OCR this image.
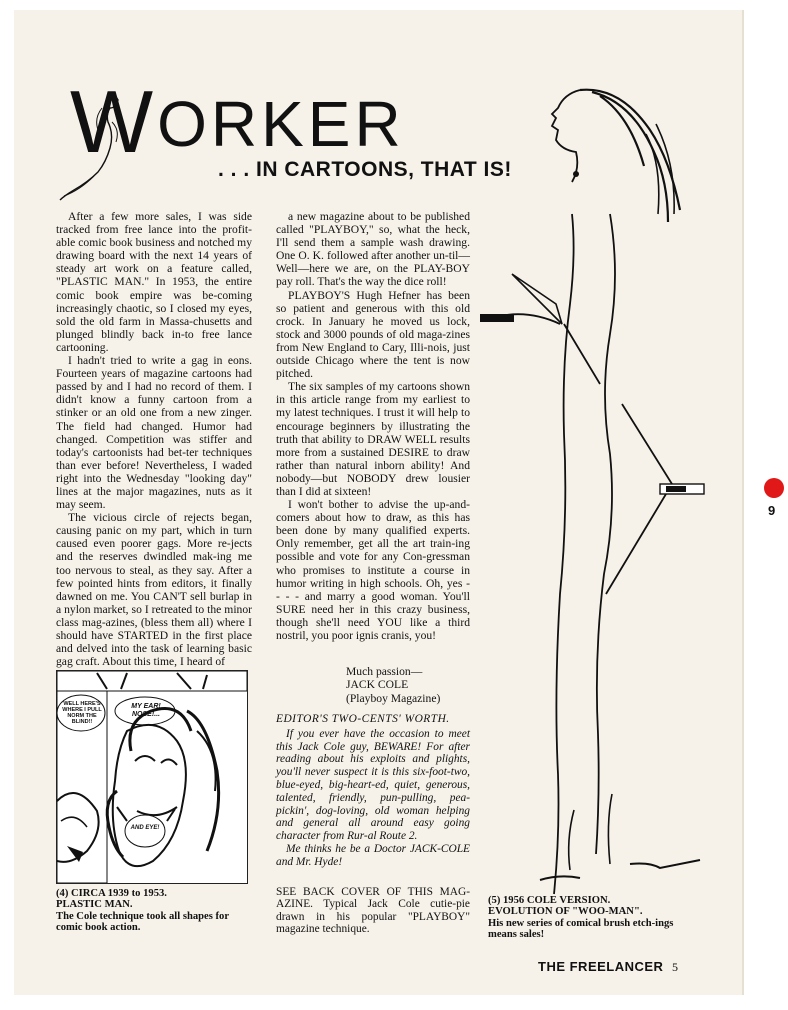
WORKER
. . . IN CARTOONS, THAT IS!

After a few more sales, I was side tracked from free lance into the profit-able comic book business and notched my drawing board with the next 14 years of steady art work on a feature called, "PLASTIC MAN." In 1953, the entire comic book empire was be-coming increasingly chaotic, so I closed my eyes, sold the old farm in Massa-chusetts and plunged blindly back in-to free lance cartooning.

I hadn't tried to write a gag in eons. Fourteen years of magazine cartoons had passed by and I had no record of them. I didn't know a funny cartoon from a stinker or an old one from a new zinger. The field had changed. Humor had changed. Competition was stiffer and today's cartoonists had bet-ter techniques than ever before! Nevertheless, I waded right into the Wednesday "looking day" lines at the major magazines, nuts as it may seem.

The vicious circle of rejects began, causing panic on my part, which in turn caused even poorer gags. More re-jects and the reserves dwindled mak-ing me too nervous to steal, as they say. After a few pointed hints from editors, it finally dawned on me. You CAN'T sell burlap in a nylon market, so I retreated to the minor class mag-azines, (bless them all) where I should have STARTED in the first place and delved into the task of learning basic gag craft. About this time, I heard of

a new magazine about to be published called "PLAYBOY," so, what the heck, I'll send them a sample wash drawing. One O. K. followed after another un-til—Well—here we are, on the PLAY-BOY pay roll. That's the way the dice roll!

PLAYBOY'S Hugh Hefner has been so patient and generous with this old crock. In January he moved us lock, stock and 3000 pounds of old maga-zines from New England to Cary, Illi-nois, just outside Chicago where the tent is now pitched.

The six samples of my cartoons shown in this article range from my earliest to my latest techniques. I trust it will help to encourage beginners by illustrating the truth that ability to DRAW WELL results more from a sustained DESIRE to draw rather than natural inborn ability! And nobody—but NOBODY drew lousier than I did at sixteen!

I won't bother to advise the up-and-comers about how to draw, as this has been done by many qualified experts. Only remember, get all the art train-ing possible and vote for any Con-gressman who promises to institute a course in humor writing in high schools. Oh, yes - - - - and marry a good woman. You'll SURE need her in this crazy business, though she'll need YOU like a third nostril, you poor ignis cranis, you!

Much passion—
JACK COLE
(Playboy Magazine)

EDITOR'S TWO-CENTS' WORTH.

If you ever have the occasion to meet this Jack Cole guy, BEWARE! For after reading about his exploits and plights, you'll never suspect it is this six-foot-two, blue-eyed, big-heart-ed, quiet, generous, talented, friendly, pun-pulling, pea-pickin', dog-loving, old woman helping and general all around easy going character from Rur-al Route 2.

Me thinks he be a Doctor JACK-COLE and Mr. Hyde!

SEE BACK COVER OF THIS MAG-AZINE. Typical Jack Cole cutie-pie drawn in his popular "PLAYBOY" magazine technique.
WELL HERE'S WHERE I PULL NORM THE BLIND!!
MY EAR! NOSE!...
AND EYE!
(4) CIRCA 1939 to 1953.
PLASTIC MAN.
The Cole technique took all shapes for comic book action.
(5) 1956 COLE VERSION.
EVOLUTION OF "WOO-MAN".
His new series of comical brush etch-ings means sales!
THE FREELANCER 5
9
